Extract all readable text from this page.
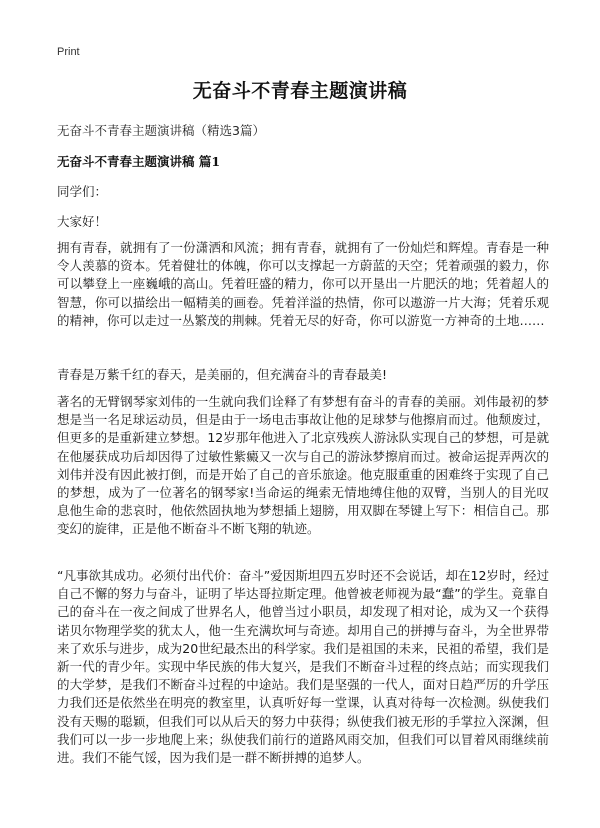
Print
无奋斗不青春主题演讲稿
无奋斗不青春主题演讲稿（精选3篇）
无奋斗不青春主题演讲稿 篇1
同学们：
大家好！

拥有青春，就拥有了一份潇洒和风流；拥有青春，就拥有了一份灿烂和辉煌。青春是一种令人羡慕的资本。凭着健壮的体魄，你可以支撑起一方蔚蓝的天空；凭着顽强的毅力，你可以攀登上一座巍峨的高山。凭着旺盛的精力，你可以开垦出一片肥沃的地；凭着超人的智慧，你可以描绘出一幅精美的画卷。凭着洋溢的热情，你可以遨游一片大海；凭着乐观的精神，你可以走过一丛繁茂的荆棘。凭着无尽的好奇，你可以游览一方神奇的土地……

青春是万紫千红的春天，是美丽的，但充满奋斗的青春最美!

著名的无臂钢琴家刘伟的一生就向我们诠释了有梦想有奋斗的青春的美丽。刘伟最初的梦想是当一名足球运动员，但是由于一场电击事故让他的足球梦与他擦肩而过。他颓废过，但更多的是重新建立梦想。12岁那年他进入了北京残疾人游泳队实现自己的梦想，可是就在他屡获成功后却因得了过敏性紫癜又一次与自己的游泳梦擦肩而过。被命运捉弄两次的刘伟并没有因此被打倒，而是开始了自己的音乐旅途。他克服重重的困难终于实现了自己的梦想，成为了一位著名的钢琴家!当命运的绳索无情地缚住他的双臂，当别人的目光叹息他生命的悲哀时，他依然固执地为梦想插上翅膀，用双脚在琴键上写下：相信自己。那变幻的旋律，正是他不断奋斗不断飞翔的轨迹。

“凡事欲其成功。必须付出代价：奋斗”爱因斯坦四五岁时还不会说话，却在12岁时，经过自己不懈的努力与奋斗，证明了毕达哥拉斯定理。他曾被老师视为最“蠢”的学生。竟靠自己的奋斗在一夜之间成了世界名人，他曾当过小职员，却发现了相对论，成为又一个获得诺贝尔物理学奖的犹太人，他一生充满坎坷与奇迹。却用自己的拼搏与奋斗，为全世界带来了欢乐与进步，成为20世纪最杰出的科学家。我们是祖国的未来，民祖的希望，我们是新一代的青少年。实现中华民族的伟大复兴，是我们不断奋斗过程的终点站；而实现我们的大学梦，是我们不断奋斗过程的中途站。我们是坚强的一代人，面对日趋严厉的升学压力我们还是依然坐在明亮的教室里，认真听好每一堂课，认真对待每一次检测。纵使我们没有天赐的聪颖，但我们可以从后天的努力中获得；纵使我们被无形的手掌拉入深渊，但我们可以一步一步地爬上来；纵使我们前行的道路风雨交加，但我们可以冒着风雨继续前进。我们不能气馁，因为我们是一群不断拼搏的追梦人。
